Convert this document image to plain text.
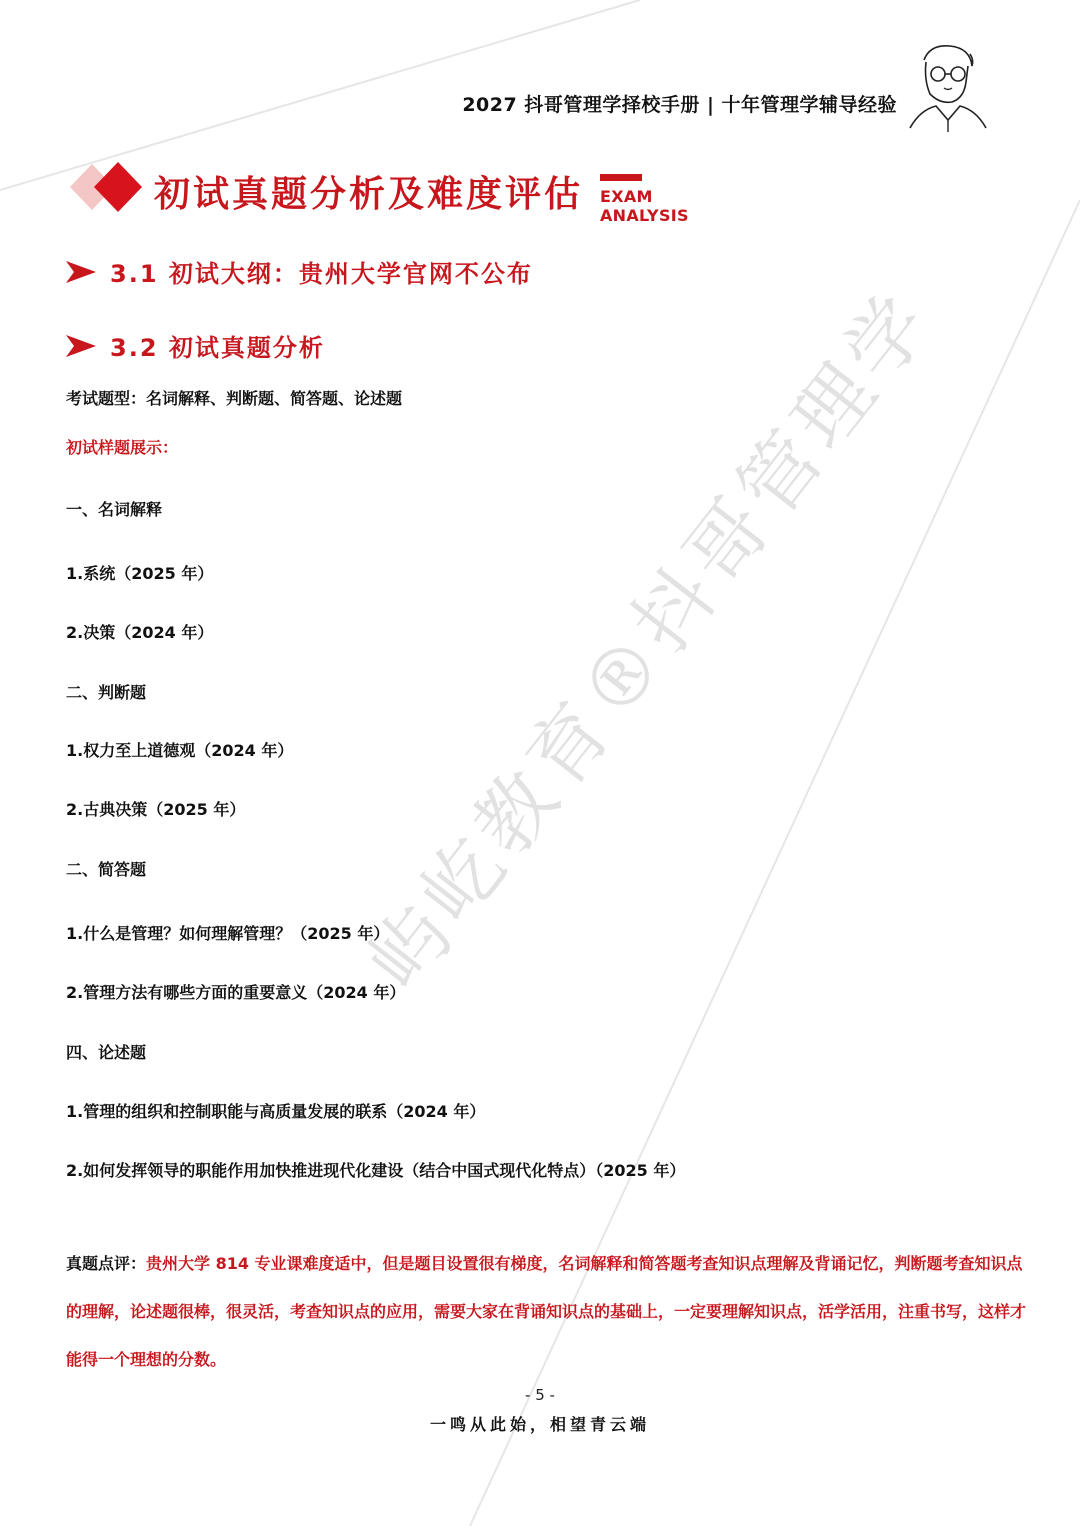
2027 抖哥管理学择校手册 | 十年管理学辅导经验
初试真题分析及难度评估 EXAM ANALYSIS
3.1 初试大纲：贵州大学官网不公布
3.2 初试真题分析
考试题型：名词解释、判断题、简答题、论述题
初试样题展示：
一、名词解释
1.系统（2025 年）
2.决策（2024 年）
二、判断题
1.权力至上道德观（2024 年）
2.古典决策（2025 年）
二、简答题
1.什么是管理？如何理解管理？（2025 年）
2.管理方法有哪些方面的重要意义（2024 年）
四、论述题
1.管理的组织和控制职能与高质量发展的联系（2024 年）
2.如何发挥领导的职能作用加快推进现代化建设（结合中国式现代化特点）（2025 年）
真题点评：贵州大学 814 专业课难度适中，但是题目设置很有梯度，名词解释和简答题考查知识点理解及背诵记忆，判断题考查知识点的理解，论述题很棒，很灵活，考查知识点的应用，需要大家在背诵知识点的基础上，一定要理解知识点，活学活用，注重书写，这样才能得一个理想的分数。
屿屹教育®抖哥管理学
- 5 -
一鸣从此始，相望青云端
